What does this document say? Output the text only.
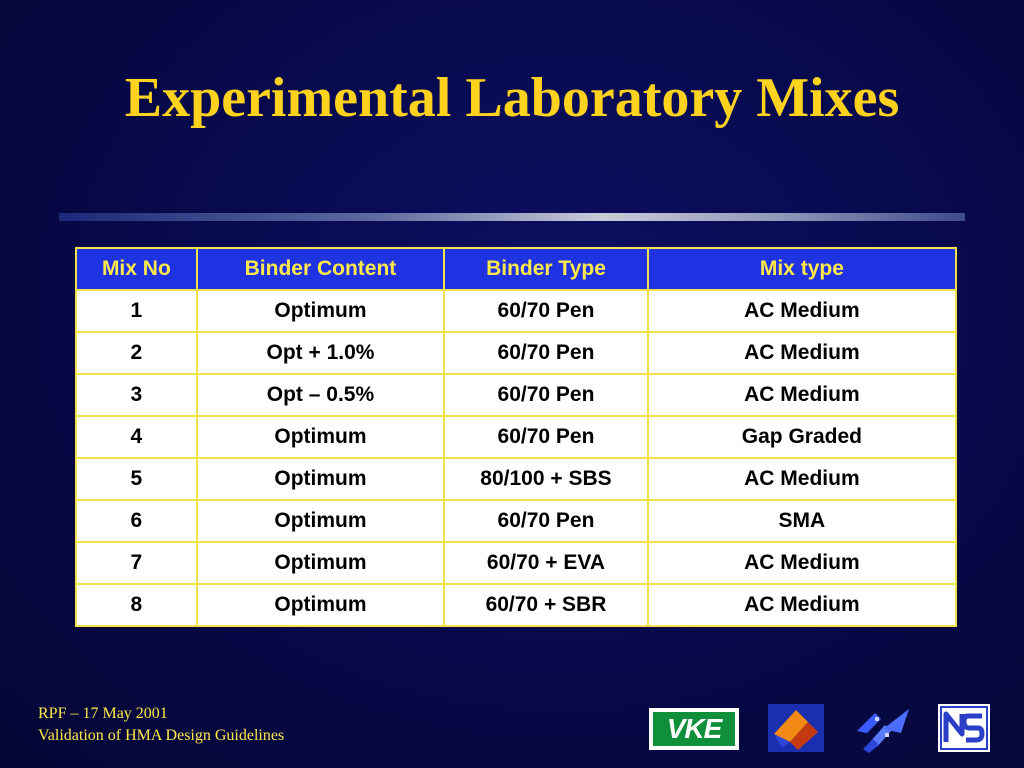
Experimental Laboratory Mixes
Mix No	Binder Content	Binder Type	Mix type
1	Optimum	60/70 Pen	AC Medium
2	Opt + 1.0%	60/70 Pen	AC Medium
3	Opt – 0.5%	60/70 Pen	AC Medium
4	Optimum	60/70 Pen	Gap Graded
5	Optimum	80/100 + SBS	AC Medium
6	Optimum	60/70 Pen	SMA
7	Optimum	60/70 + EVA	AC Medium
8	Optimum	60/70 + SBR	AC Medium
RPF – 17 May 2001
Validation of HMA Design Guidelines	VKE
